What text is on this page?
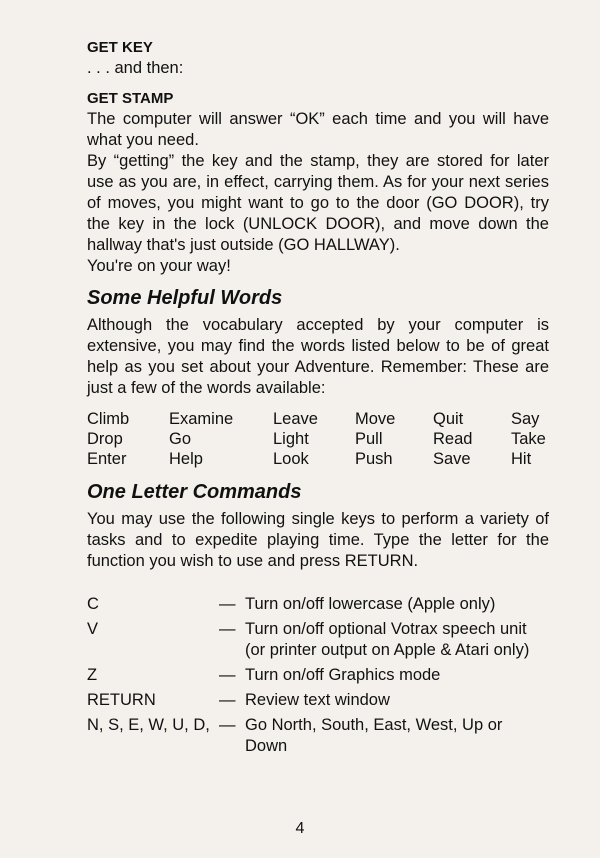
GET KEY

. . . and then:

GET STAMP

The computer will answer “OK” each time and you will have what you need.

By “getting” the key and the stamp, they are stored for later use as you are, in effect, carrying them. As for your next series of moves, you might want to go to the door (GO DOOR), try the key in the lock (UNLOCK DOOR), and move down the hallway that's just outside (GO HALLWAY).

You're on your way!

Some Helpful Words

Although the vocabulary accepted by your computer is extensive, you may find the words listed below to be of great help as you set about your Adventure. Remember: These are just a few of the words available:

Climb	Examine	Leave	Move	Quit	Say
Drop	Go	Light	Pull	Read	Take
Enter	Help	Look	Push	Save	Hit
One Letter Commands

You may use the following single keys to perform a variety of tasks and to expedite playing time. Type the letter for the function you wish to use and press RETURN.

C	— Turn on/off lowercase (Apple only)
V	— Turn on/off optional Votrax speech unit (or printer output on Apple & Atari only)
Z	— Turn on/off Graphics mode
RETURN	— Review text window
N, S, E, W, U, D, — Go North, South, East, West, Up or Down
4
